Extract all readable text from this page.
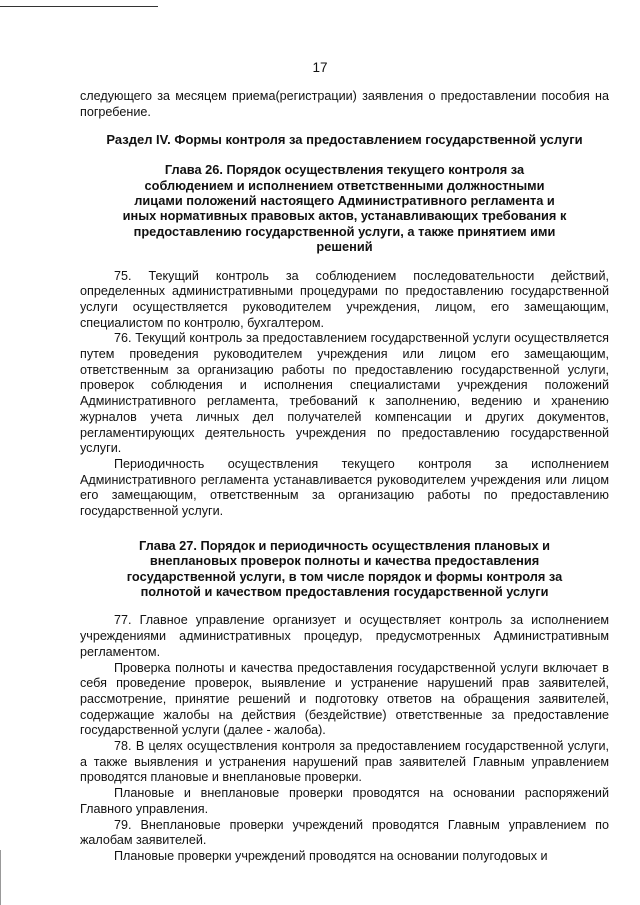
17

следующего за месяцем приема(регистрации) заявления о предоставлении пособия на погребение.

Раздел IV. Формы контроля за предоставлением государственной услуги
Глава 26. Порядок осуществления текущего контроля за соблюдением и исполнением ответственными должностными лицами положений настоящего Административного регламента и иных нормативных правовых актов, устанавливающих требования к предоставлению государственной услуги, а также принятием ими решений

75. Текущий контроль за соблюдением последовательности действий, определенных административными процедурами по предоставлению государственной услуги осуществляется руководителем учреждения, лицом, его замещающим, специалистом по контролю, бухгалтером.

76. Текущий контроль за предоставлением государственной услуги осуществляется путем проведения руководителем учреждения или лицом его замещающим, ответственным за организацию работы по предоставлению государственной услуги, проверок соблюдения и исполнения специалистами учреждения положений Административного регламента, требований к заполнению, ведению и хранению журналов учета личных дел получателей компенсации и других документов, регламентирующих деятельность учреждения по предоставлению государственной услуги.

Периодичность осуществления текущего контроля за исполнением Административного регламента устанавливается руководителем учреждения или лицом его замещающим, ответственным за организацию работы по предоставлению государственной услуги.

Глава 27. Порядок и периодичность осуществления плановых и внеплановых проверок полноты и качества предоставления государственной услуги, в том числе порядок и формы контроля за полнотой и качеством предоставления государственной услуги

77. Главное управление организует и осуществляет контроль за исполнением учреждениями административных процедур, предусмотренных Административным регламентом.

Проверка полноты и качества предоставления государственной услуги включает в себя проведение проверок, выявление и устранение нарушений прав заявителей, рассмотрение, принятие решений и подготовку ответов на обращения заявителей, содержащие жалобы на действия (бездействие) ответственные за предоставление государственной услуги (далее - жалоба).

78. В целях осуществления контроля за предоставлением государственной услуги, а также выявления и устранения нарушений прав заявителей Главным управлением проводятся плановые и внеплановые проверки.

Плановые и внеплановые проверки проводятся на основании распоряжений Главного управления.

79. Внеплановые проверки учреждений проводятся Главным управлением по жалобам заявителей.

Плановые проверки учреждений проводятся на основании полугодовых и
